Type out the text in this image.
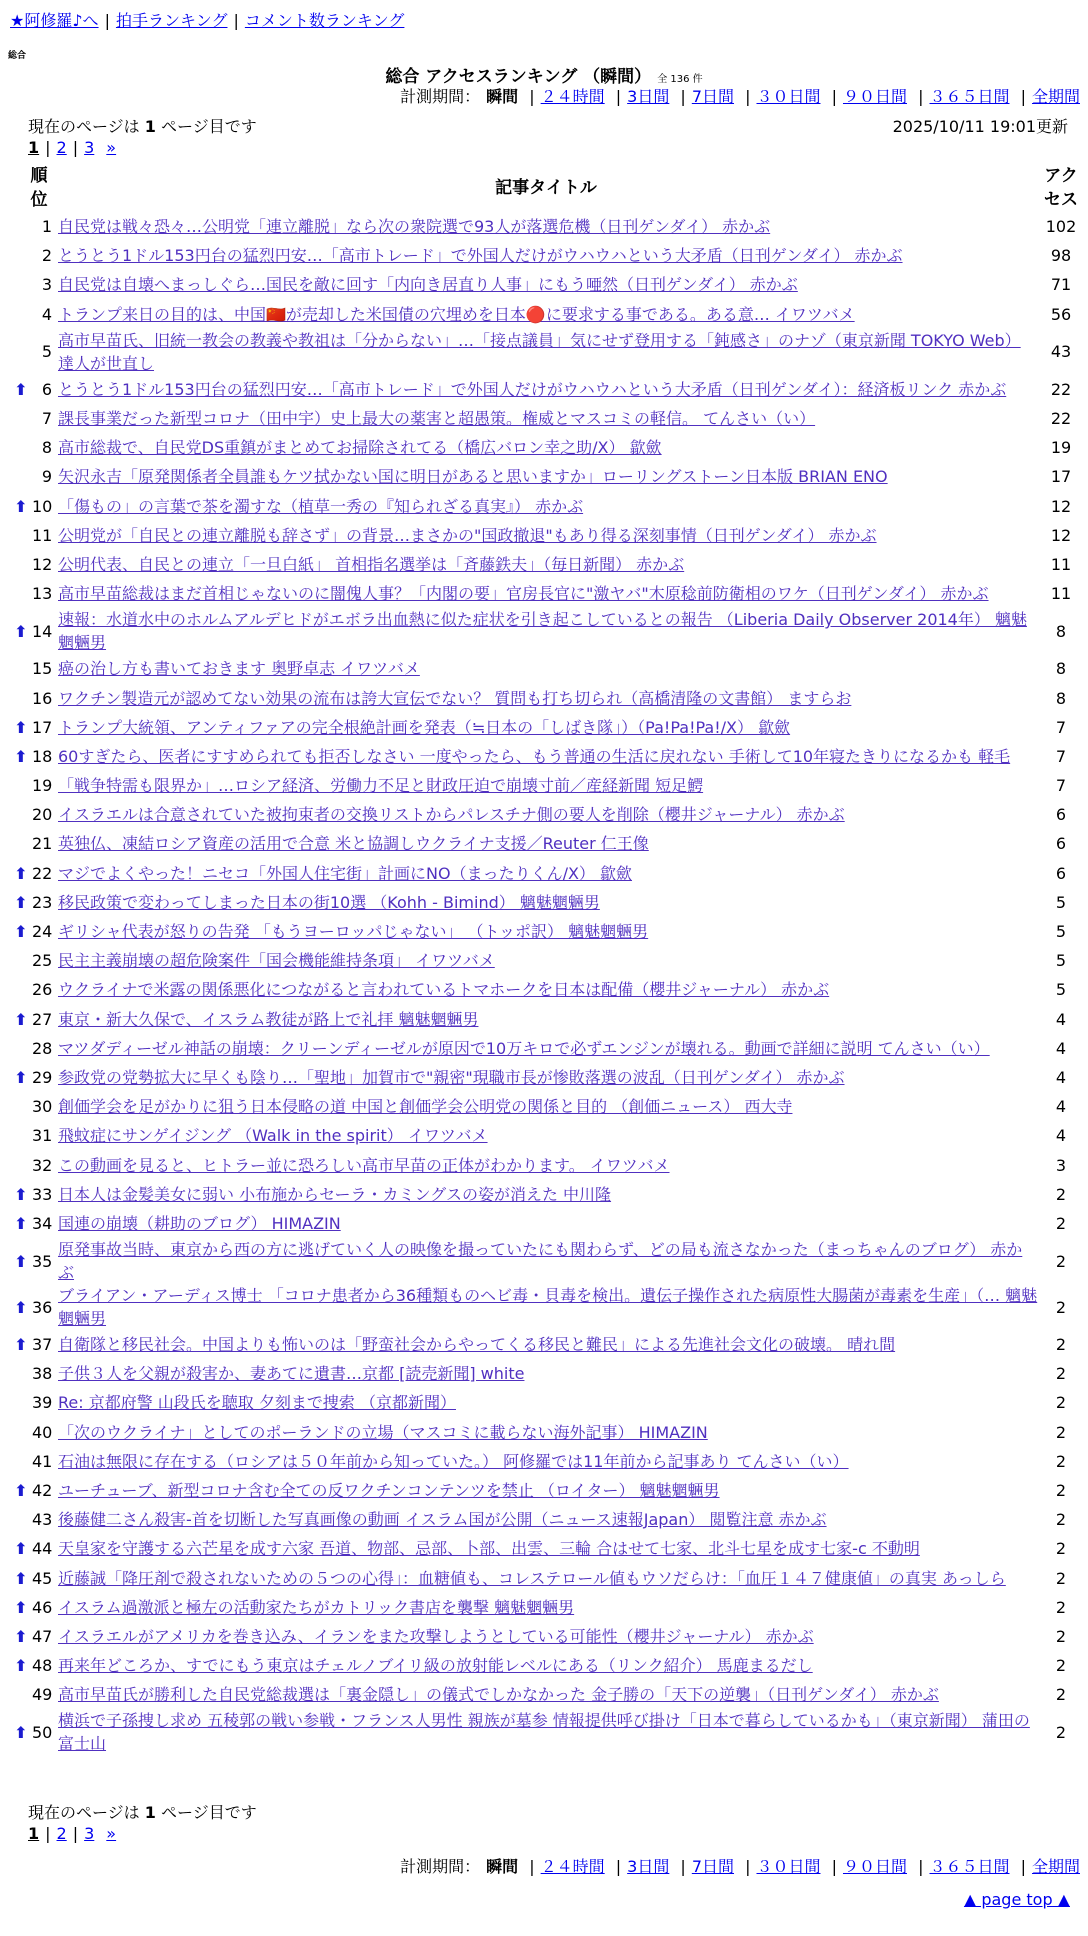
★阿修羅♪へ | 拍手ランキング | コメント数ランキング
総合
総合 アクセスランキング （瞬間） 全 136 件
計測期間： 瞬間 | ２４時間 | 3日間 | 7日間 | ３０日間 | ９０日間 | ３６５日間 | 全期間
現在のページは 1 ページ目です	2025/10/11 19:01更新
1 | 2 | 3 »
順位		記事タイトル	アクセス
	1	自民党は戦々恐々…公明党「連立離脱」なら次の衆院選で93人が落選危機（日刊ゲンダイ） 赤かぶ	102
	2	とうとう1ドル153円台の猛烈円安…「高市トレード」で外国人だけがウハウハという大矛盾（日刊ゲンダイ） 赤かぶ	98
	3	自民党は自壊へまっしぐら…国民を敵に回す「内向き居直り人事」にもう唖然（日刊ゲンダイ） 赤かぶ	71
	4	トランプ来日の目的は、中国🇨🇳が売却した米国債の穴埋めを日本🔴に要求する事である。ある意… イワツバメ	56
	5	高市早苗氏、旧統一教会の教義や教祖は「分からない」…「接点議員」気にせず登用する「鈍感さ」のナゾ（東京新聞 TOKYO Web） 達人が世直し	43
⬆	6	とうとう1ドル153円台の猛烈円安…「高市トレード」で外国人だけがウハウハという大矛盾（日刊ゲンダイ）：経済板リンク 赤かぶ	22
	7	課長事業だった新型コロナ（田中宇）史上最大の薬害と超愚策。権威とマスコミの軽信。 てんさい（い）	22
	8	高市総裁で、自民党DS重鎮がまとめてお掃除されてる（橋広バロン幸之助/X） 歙歛	19
	9	矢沢永吉「原発関係者全員誰もケツ拭かない国に明日があると思いますか」ローリングストーン日本版 BRIAN ENO	17
⬆	10	「傷もの」の言葉で茶を濁すな（植草一秀の『知られざる真実』） 赤かぶ	12
	11	公明党が「自民との連立離脱も辞さず」の背景…まさかの"国政撤退"もあり得る深刻事情（日刊ゲンダイ） 赤かぶ	12
	12	公明代表、自民との連立「一旦白紙」 首相指名選挙は「斉藤鉄夫」（毎日新聞） 赤かぶ	11
	13	高市早苗総裁はまだ首相じゃないのに闇傀人事？「内閣の要」官房長官に"激ヤバ"木原稔前防衛相のワケ（日刊ゲンダイ） 赤かぶ	11
⬆	14	速報：水道水中のホルムアルデヒドがエボラ出血熱に似た症状を引き起こしているとの報告 （Liberia Daily Observer 2014年） 魑魅魍魎男	8
	15	癌の治し方も書いておきます 奥野卓志 イワツバメ	8
	16	ワクチン製造元が認めてない効果の流布は誇大宣伝でない？ 質問も打ち切られ（高橋清隆の文書館） ますらお	8
⬆	17	トランプ大統領、アンティファアの完全根絶計画を発表（≒日本の「しばき隊」）（Pa!Pa!Pa!/X） 歙歛	7
⬆	18	60すぎたら、医者にすすめられても拒否しなさい 一度やったら、もう普通の生活に戻れない 手術して10年寝たきりになるかも 軽毛	7
	19	「戦争特需も限界か」…ロシア経済、労働力不足と財政圧迫で崩壊寸前／産経新聞 短足鰐	7
	20	イスラエルは合意されていた被拘束者の交換リストからパレスチナ側の要人を削除（櫻井ジャーナル） 赤かぶ	6
	21	英独仏、凍結ロシア資産の活用で合意 米と協調しウクライナ支援／Reuter 仁王像	6
⬆	22	マジでよくやった！ニセコ「外国人住宅街」計画にNO（まったりくん/X） 歙歛	6
⬆	23	移民政策で変わってしまった日本の街10選 （Kohh - Bimind） 魑魅魍魎男	5
⬆	24	ギリシャ代表が怒りの告発 「もうヨーロッパじゃない」 （トッポ訳） 魑魅魍魎男	5
	25	民主主義崩壊の超危険案件「国会機能維持条項」 イワツバメ	5
	26	ウクライナで米露の関係悪化につながると言われているトマホークを日本は配備（櫻井ジャーナル） 赤かぶ	5
⬆	27	東京・新大久保で、イスラム教徒が路上で礼拝 魑魅魍魎男	4
	28	マツダディーゼル神話の崩壊：クリーンディーゼルが原因で10万キロで必ずエンジンが壊れる。動画で詳細に説明 てんさい（い）	4
⬆	29	参政党の党勢拡大に早くも陰り…「聖地」加賀市で"親密"現職市長が惨敗落選の波乱（日刊ゲンダイ） 赤かぶ	4
	30	創価学会を足がかりに狙う日本侵略の道 中国と創価学会公明党の関係と目的 （創価ニュース） 西大寺	4
	31	飛蚊症にサンゲイジング （Walk in the spirit） イワツバメ	4
	32	この動画を見ると、ヒトラー並に恐ろしい高市早苗の正体がわかります。 イワツバメ	3
⬆	33	日本人は金髪美女に弱い 小布施からセーラ・カミングスの姿が消えた 中川隆	2
⬆	34	国連の崩壊（耕助のブログ） HIMAZIN	2
⬆	35	原発事故当時、東京から西の方に逃げていく人の映像を撮っていたにも関わらず、どの局も流さなかった（まっちゃんのブログ） 赤かぶ	2
⬆	36	ブライアン・アーディス博士 「コロナ患者から36種類ものヘビ毒・貝毒を検出。遺伝子操作された病原性大腸菌が毒素を生産」（… 魑魅魍魎男	2
⬆	37	自衛隊と移民社会。中国よりも怖いのは「野蛮社会からやってくる移民と難民」による先進社会文化の破壊。 晴れ間	2
	38	子供３人を父親が殺害か、妻あてに遺書…京都 [読売新聞] white	2
	39	Re: 京都府警 山段氏を聴取 夕刻まで捜索 （京都新聞）	2
	40	「次のウクライナ」としてのポーランドの立場（マスコミに載らない海外記事） HIMAZIN	2
	41	石油は無限に存在する（ロシアは５０年前から知っていた。） 阿修羅では11年前から記事あり てんさい（い）	2
⬆	42	ユーチューブ、新型コロナ含む全ての反ワクチンコンテンツを禁止 （ロイター） 魑魅魍魎男	2
	43	後藤健二さん殺害-首を切断した写真画像の動画 イスラム国が公開（ニュース速報Japan） 閲覧注意 赤かぶ	2
⬆	44	天皇家を守護する六芒星を成す六家 吾道、物部、忌部、卜部、出雲、三輪 合はせて七家、北斗七星を成す七家-c 不動明	2
⬆	45	近藤誠「降圧剤で殺されないための５つの心得」：血糖値も、コレステロール値もウソだらけ：「血圧１４７健康値」の真実 あっしら	2
⬆	46	イスラム過激派と極左の活動家たちがカトリック書店を襲撃 魑魅魍魎男	2
⬆	47	イスラエルがアメリカを巻き込み、イランをまた攻撃しようとしている可能性（櫻井ジャーナル） 赤かぶ	2
⬆	48	再来年どころか、すでにもう東京はチェルノブイリ級の放射能レベルにある（リンク紹介） 馬鹿まるだし	2
	49	高市早苗氏が勝利した自民党総裁選は「裏金隠し」の儀式でしかなかった 金子勝の「天下の逆襲」（日刊ゲンダイ） 赤かぶ	2
⬆	50	横浜で子孫捜し求め 五稜郭の戦い参戦・フランス人男性 親族が墓参 情報提供呼び掛け「日本で暮らしているかも」（東京新聞） 蒲田の富士山	2
現在のページは 1 ページ目です
1 | 2 | 3 »
計測期間： 瞬間 | ２４時間 | 3日間 | 7日間 | ３０日間 | ９０日間 | ３６５日間 | 全期間
▲ page top ▲
